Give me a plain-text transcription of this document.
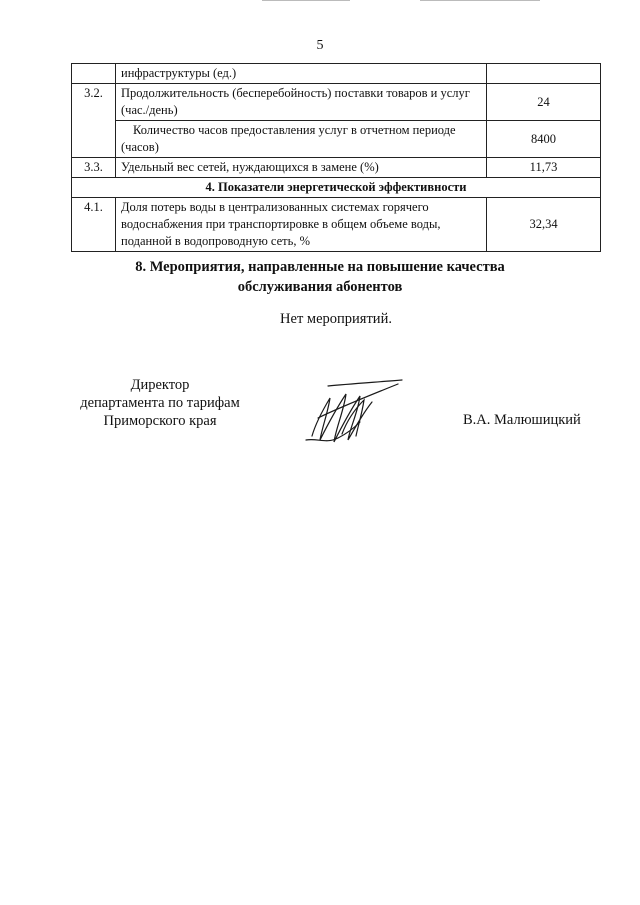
5
	инфраструктуры (ед.)	
3.2.	Продолжительность (бесперебойность) поставки товаров и услуг (час./день)	24
	Количество часов предоставления услуг в отчетном периоде (часов)	8400
3.3.	Удельный вес сетей, нуждающихся в замене (%)	11,73
4. Показатели энергетической эффективности		
4.1.	Доля потерь воды в централизованных системах горячего водоснабжения при транспортировке в общем объеме воды, поданной в водопроводную сеть, %	32,34
8. Мероприятия, направленные на повышение качества
обслуживания абонентов
Нет мероприятий.
Директор
департамента по тарифам
Приморского края	В.А. Малюшицкий
